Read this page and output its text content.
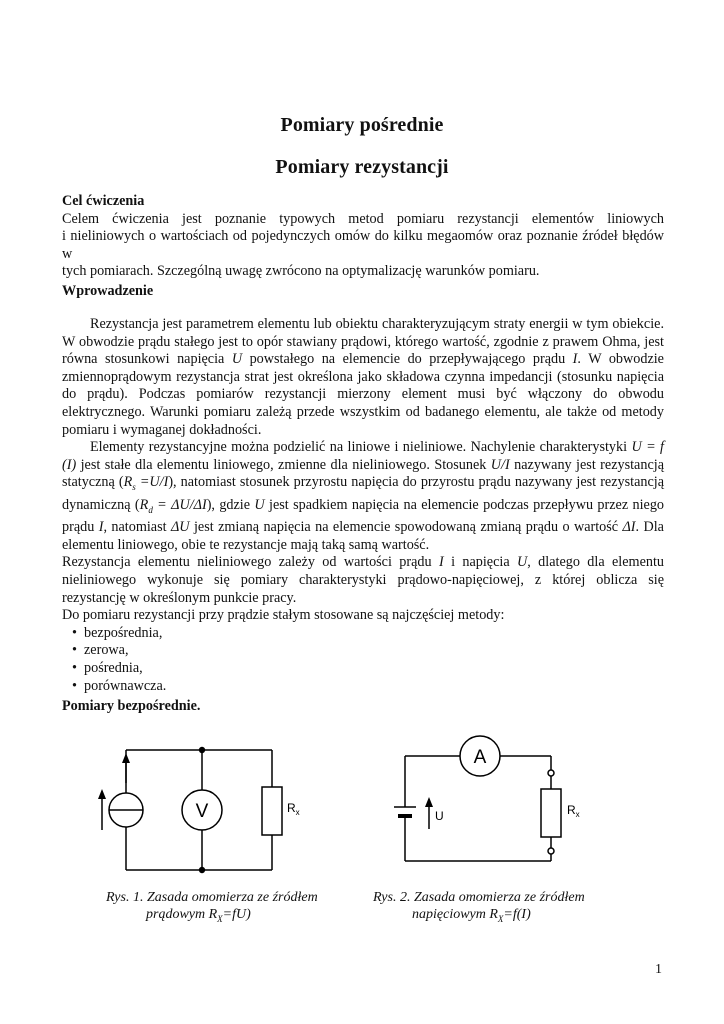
Pomiary pośrednie
Pomiary rezystancji
Cel ćwiczenia
Celem ćwiczenia jest poznanie typowych metod pomiaru rezystancji elementów liniowych
i nieliniowych o wartościach od pojedynczych omów do kilku megaomów oraz poznanie źródeł błędów w
tych pomiarach. Szczególną uwagę zwrócono na optymalizację warunków pomiaru.
Wprowadzenie
Rezystancja jest parametrem elementu lub obiektu charakteryzującym straty energii w tym obiekcie. W obwodzie prądu stałego jest to opór stawiany prądowi, którego wartość, zgodnie z prawem Ohma, jest równa stosunkowi napięcia U powstałego na elemencie do przepływającego prądu I. W obwodzie zmiennoprądowym rezystancja strat jest określona jako składowa czynna impedancji (stosunku napięcia do prądu). Podczas pomiarów rezystancji mierzony element musi być włączony do obwodu elektrycznego. Warunki pomiaru zależą przede wszystkim od badanego elementu, ale także od metody pomiaru i wymaganej dokładności.
Elementy rezystancyjne można podzielić na liniowe i nieliniowe. Nachylenie charakterystyki U = f (I) jest stałe dla elementu liniowego, zmienne dla nieliniowego. Stosunek U/I nazywany jest rezystancją statyczną $(R_s =U/I)$, natomiast stosunek przyrostu napięcia do przyrostu prądu nazywany jest rezystancją dynamiczną $(R_d = \Delta U/\Delta I)$, gdzie U jest spadkiem napięcia na elemencie podczas przepływu przez niego prądu I, natomiast ΔU jest zmianą napięcia na elemencie spowodowaną zmianą prądu o wartość ΔI. Dla elementu liniowego, obie te rezystancje mają taką samą wartość.
Rezystancja elementu nieliniowego zależy od wartości prądu I i napięcia U, dlatego dla elementu nieliniowego wykonuje się pomiary charakterystyki prądowo-napięciowej, z której oblicza się rezystancję w określonym punkcie pracy.
Do pomiaru rezystancji przy prądzie stałym stosowane są najczęściej metody:
• bezpośrednia,
• zerowa,
• pośrednia,
• porównawcza.
Pomiary bezpośrednie.
V	$R_x$
A
U	$R_x$
Rys. 1. Zasada omomierza ze źródłem
prądowym $R_X=fU$)
Rys. 2. Zasada omomierza ze źródłem
napięciowym $R_X=f(I)$
1
